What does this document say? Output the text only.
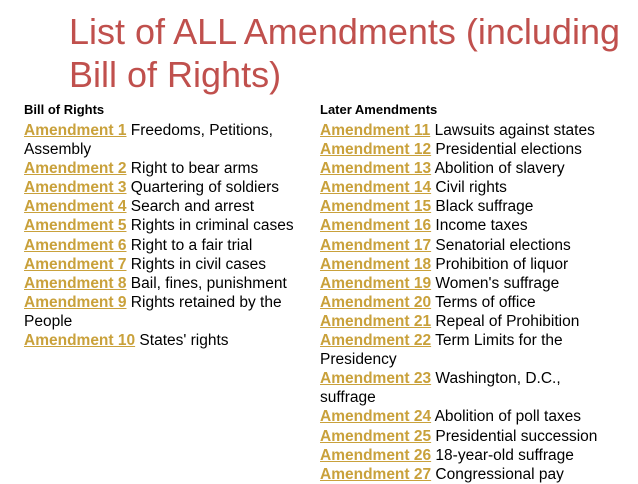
List of ALL Amendments (including Bill of Rights)
Bill of Rights
Amendment 1 Freedoms, Petitions, Assembly
Amendment 2 Right to bear arms
Amendment 3 Quartering of soldiers
Amendment 4 Search and arrest
Amendment 5 Rights in criminal cases
Amendment 6 Right to a fair trial
Amendment 7 Rights in civil cases
Amendment 8 Bail, fines, punishment
Amendment 9 Rights retained by the People
Amendment 10 States' rights
Later Amendments
Amendment 11 Lawsuits against states
Amendment 12 Presidential elections
Amendment 13 Abolition of slavery
Amendment 14 Civil rights
Amendment 15 Black suffrage
Amendment 16 Income taxes
Amendment 17 Senatorial elections
Amendment 18 Prohibition of liquor
Amendment 19 Women's suffrage
Amendment 20 Terms of office
Amendment 21 Repeal of Prohibition
Amendment 22 Term Limits for the Presidency
Amendment 23 Washington, D.C., suffrage
Amendment 24 Abolition of poll taxes
Amendment 25 Presidential succession
Amendment 26 18-year-old suffrage
Amendment 27 Congressional pay
